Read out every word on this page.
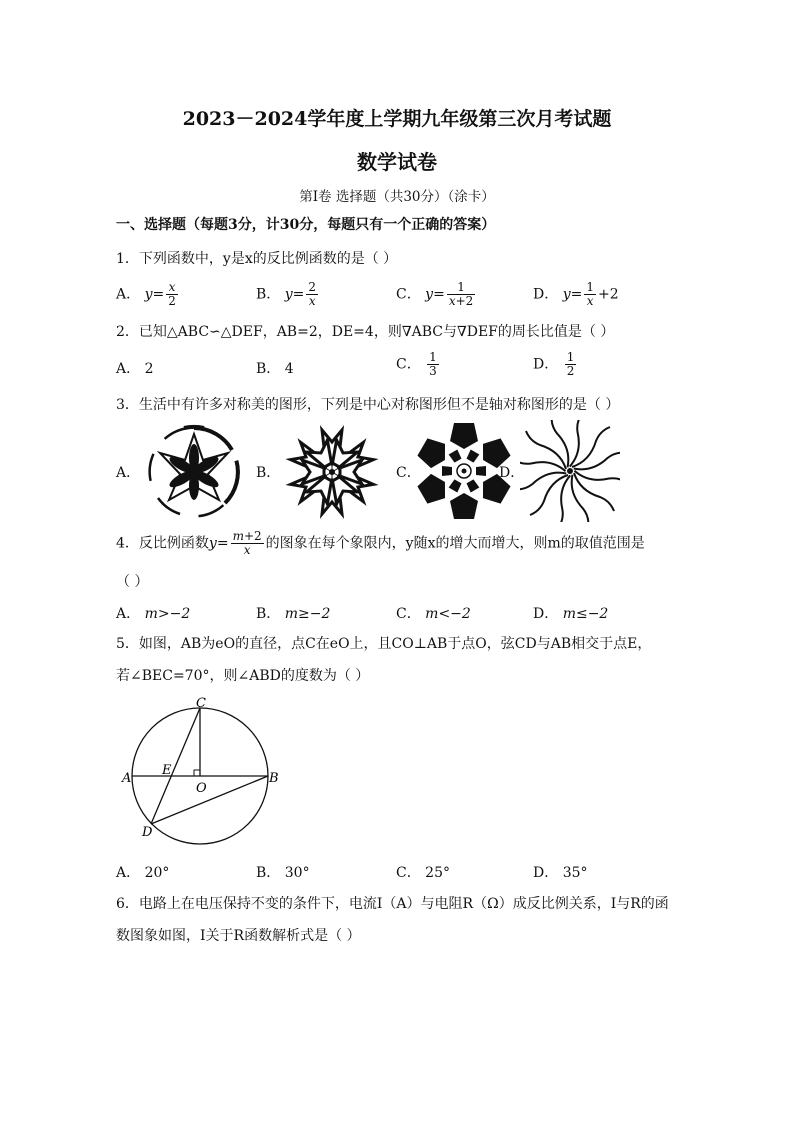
2023－2024学年度上学期九年级第三次月考试题
数学试卷
第Ⅰ卷 选择题（共30分）（涂卡）
一、选择题（每题3分，计30分，每题只有一个正确的答案）
1．下列函数中，y是x的反比例函数的是（ ）
A． $y= \frac{x}{2}$	B． $y= \frac{2}{x}$	C． $y= \frac{1}{x+2}$	D． $y= \frac{1}{x} +2$
2．已知△ABC∽△DEF，AB=2，DE=4，则∇ABC与∇DEF的周长比值是（ ）
A． 2	B． 4	C． $\frac{1}{3}$	D． $\frac{1}{2}$
3．生活中有许多对称美的图形，下列是中心对称图形但不是轴对称图形的是（ ）
A．	B．	C．	D．
4．反比例函数$y= \frac{m+2}{x}$ 的图象在每个象限内，y随x的增大而增大，则m的取值范围是
（ ）
A． m>−2	B． m≥−2	C． m<−2	D． m≤−2
5．如图，AB为eO的直径，点C在eO上，且CO⊥AB于点O，弦CD与AB相交于点E，
若∠BEC=70°，则∠ABD的度数为（ ）
C
A	B
E
O
D
A． 20°	B． 30°	C． 25°	D． 35°
6．电路上在电压保持不变的条件下，电流I（A）与电阻R（Ω）成反比例关系，I与R的函
数图象如图，I关于R函数解析式是（ ）
